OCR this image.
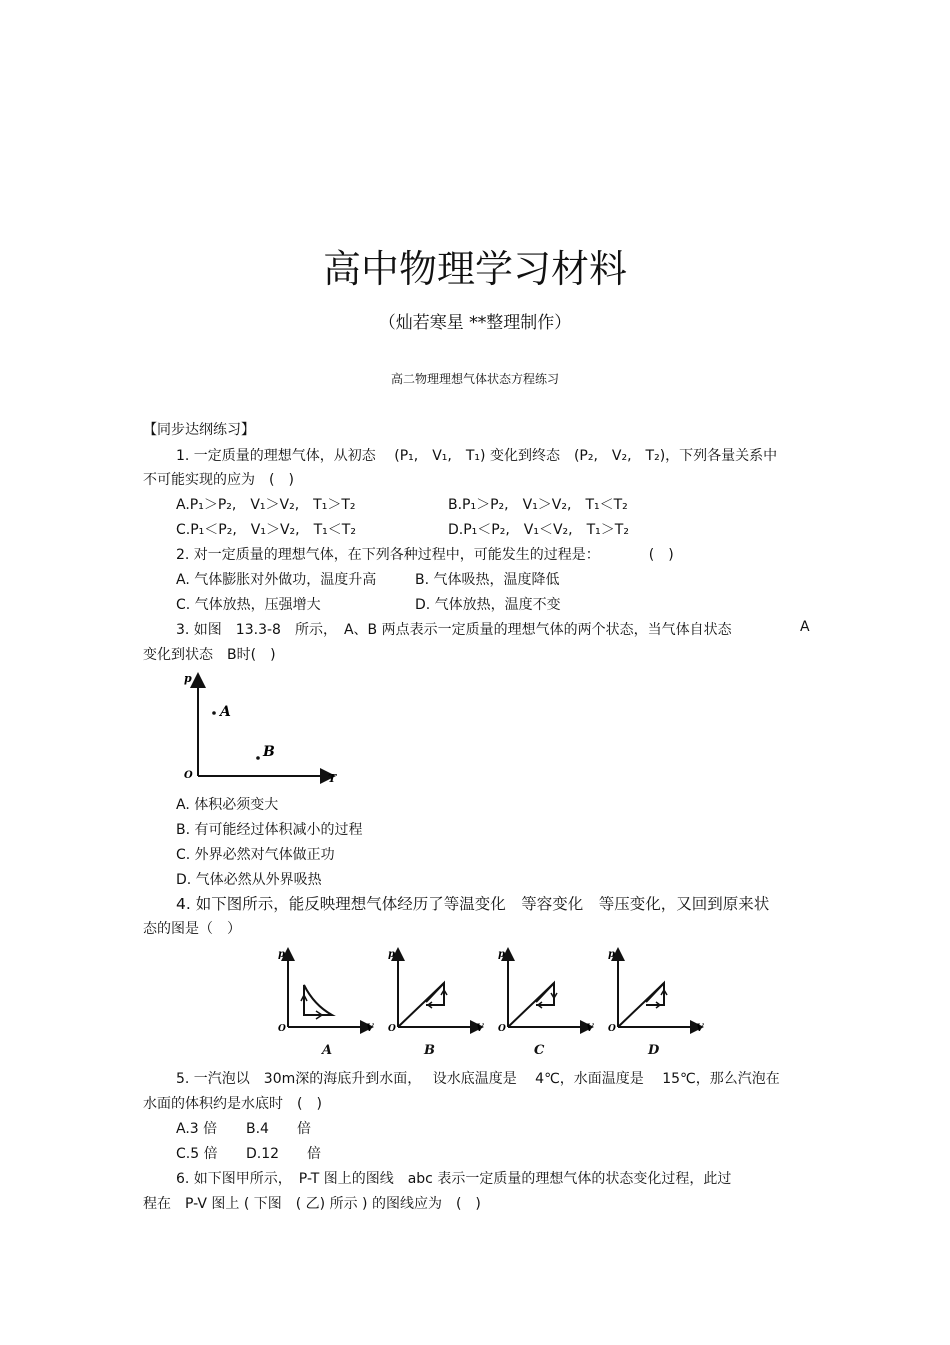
高中物理学习材料
（灿若寒星 **整理制作）
高二物理理想气体状态方程练习
【同步达纲练习】
1. 一定质量的理想气体，从初态　 (P₁,　V₁,　T₁) 变化到终态　(P₂,　V₂,　T₂)，下列各量关系中
不可能实现的应为　(　)
A.P₁＞P₂,　V₁＞V₂,　T₁＞T₂	B.P₁＞P₂,　V₁＞V₂,　T₁＜T₂
C.P₁＜P₂,　V₁＞V₂,　T₁＜T₂	D.P₁＜P₂,　V₁＜V₂,　T₁＞T₂
2. 对一定质量的理想气体，在下列各种过程中，可能发生的过程是：　　　　(　)
A. 气体膨胀对外做功，温度升高	B. 气体吸热，温度降低
C. 气体放热，压强增大	D. 气体放热，温度不变
3. 如图　13.3-8　所示，　A、B 两点表示一定质量的理想气体的两个状态，当气体自状态	A
变化到状态　B时(　)
p
T
O
A
B
A. 体积必须变大
B. 有可能经过体积减小的过程
C. 外界必然对气体做正功
D. 气体必然从外界吸热
4. 如下图所示，能反映理想气体经历了等温变化　等容变化　等压变化，又回到原来状
态的图是（　）
p
V
O
A
p
V
O
B
p
V
O
C
p
V
O
D
5. 一汽泡以　30m深的海底升到水面，　 设水底温度是　 4℃，水面温度是　 15℃，那么汽泡在
水面的体积约是水底时　(　)
A.3 倍 B.4　　倍
C.5 倍 D.12　　倍
6. 如下图甲所示，　P-T 图上的图线　abc 表示一定质量的理想气体的状态变化过程，此过
程在　P-V 图上 ( 下图　( 乙) 所示 ) 的图线应为　(　)
